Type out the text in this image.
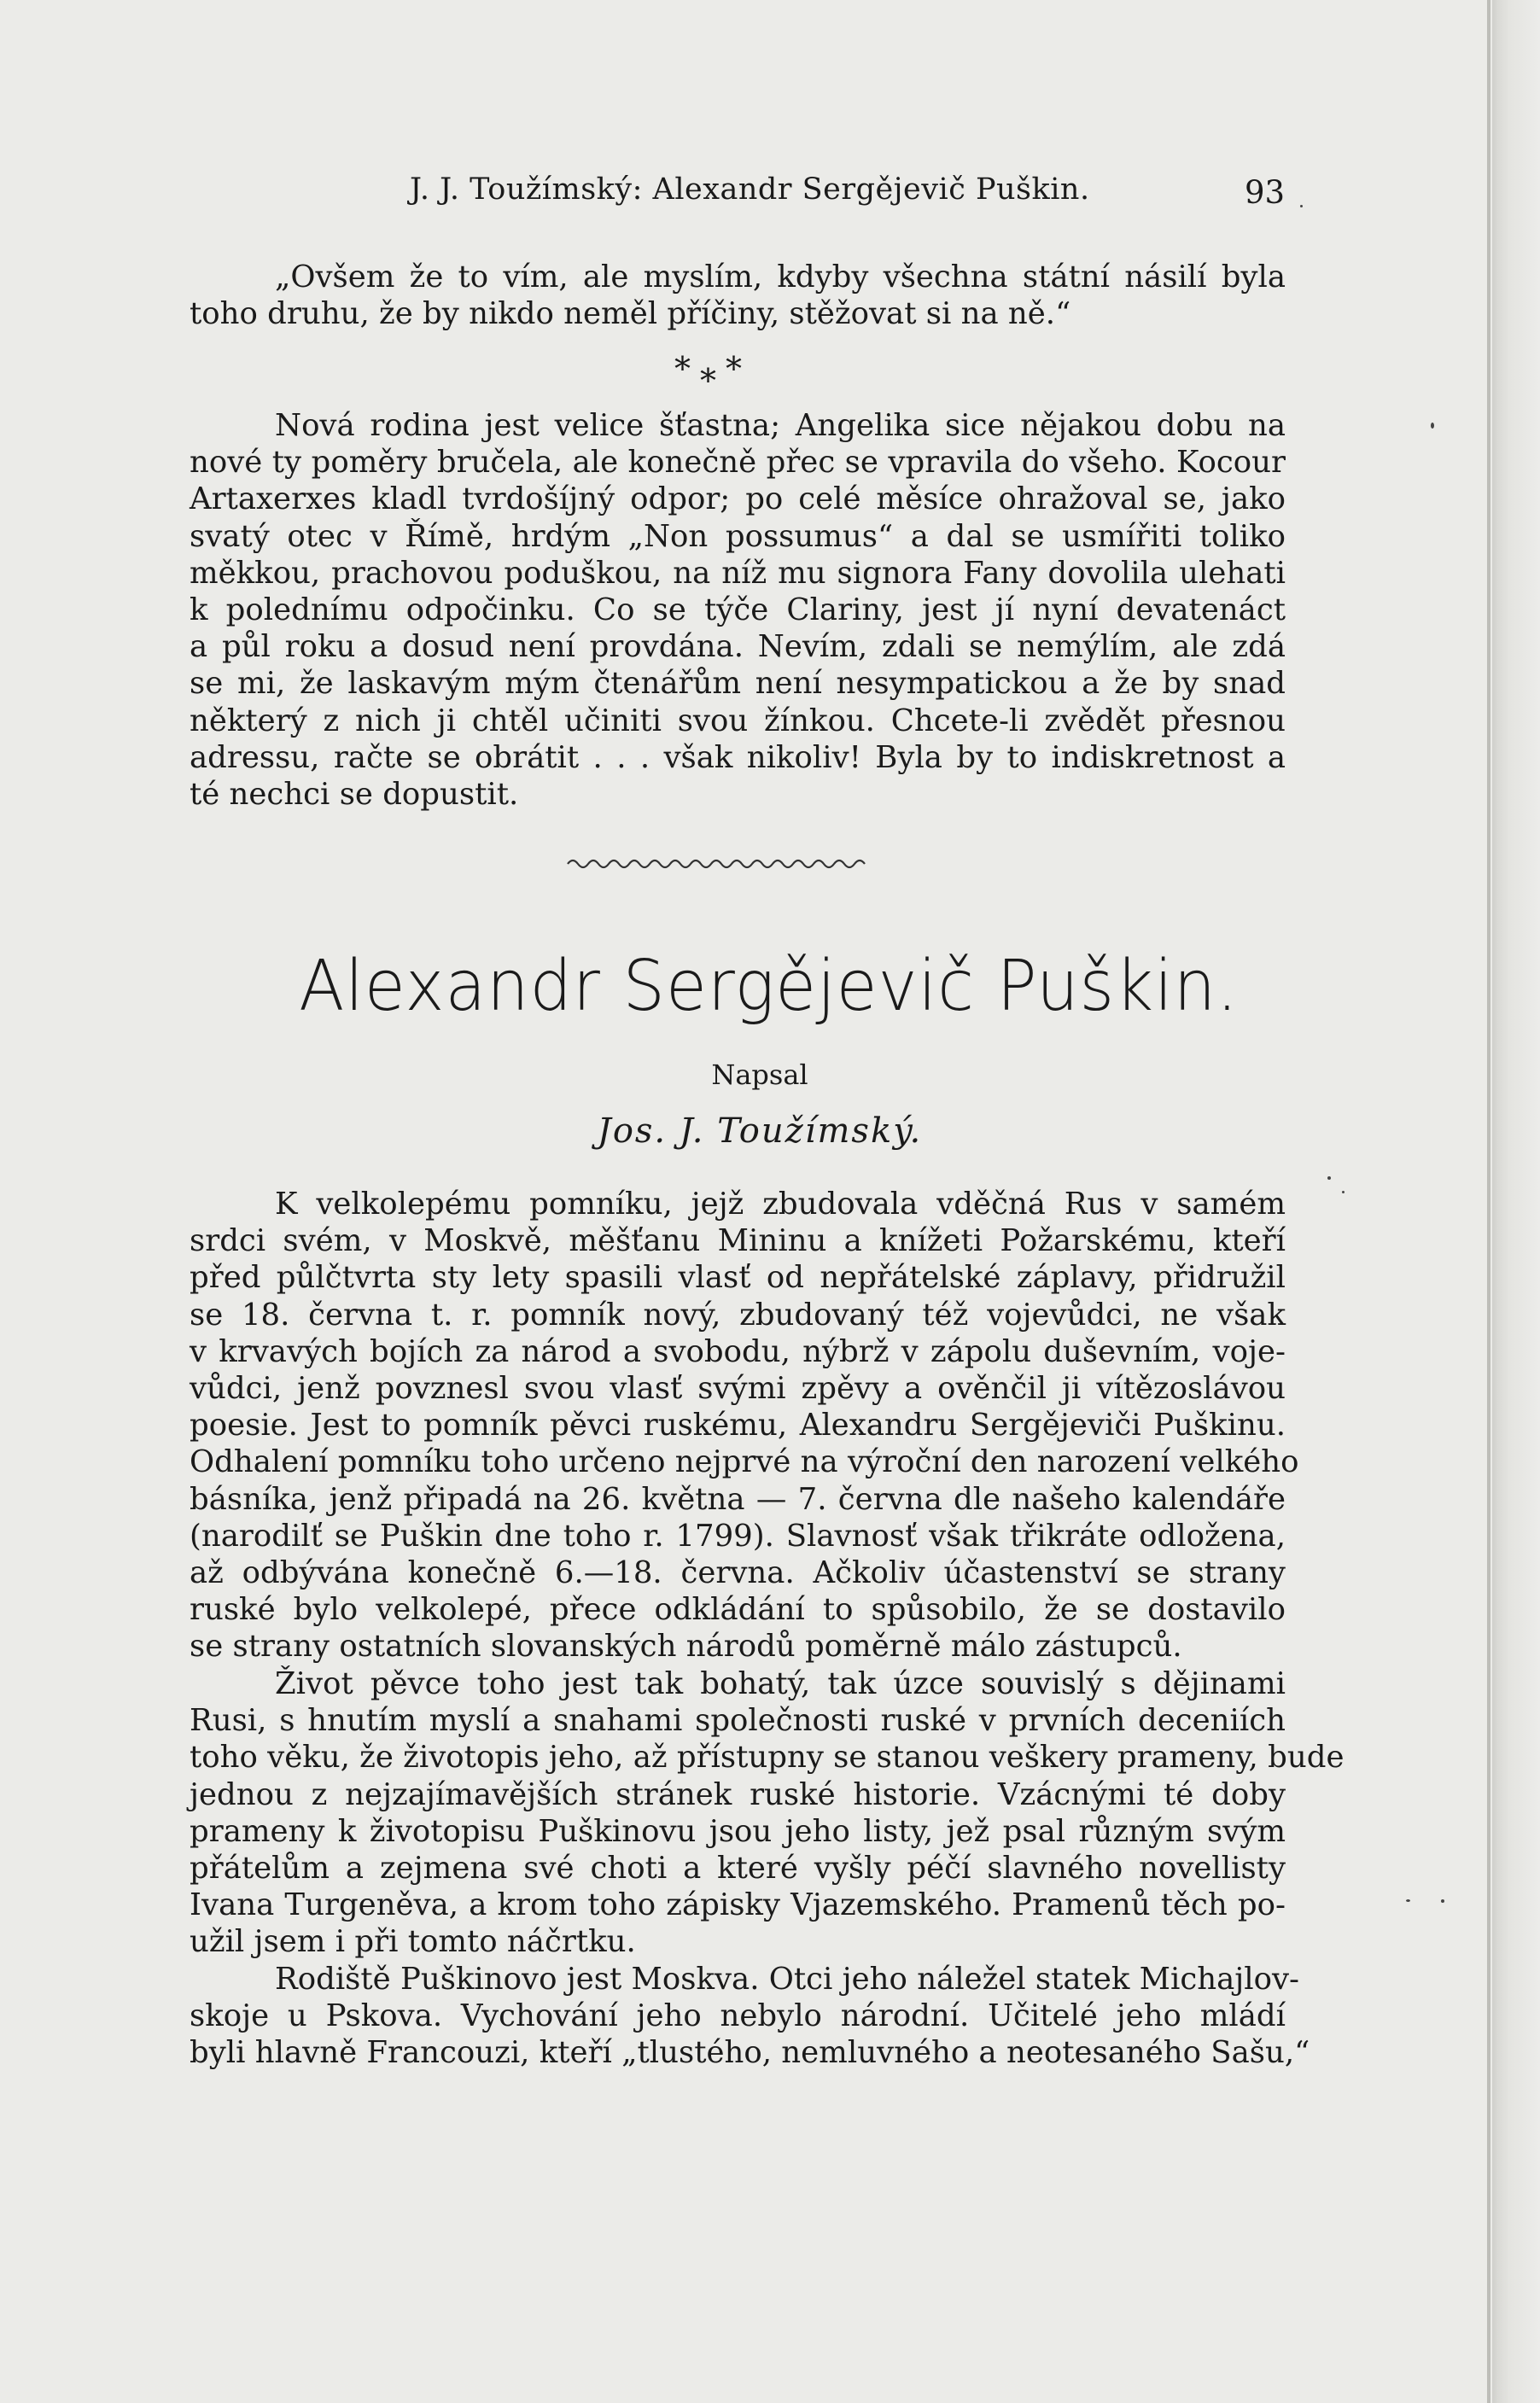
J. J. Toužímský: Alexandr Sergějevič Puškin.	93
„Ovšem že to vím, ale myslím, kdyby všechna státní násilí byla
toho druhu, že by nikdo neměl příčiny, stěžovat si na ně.“
* * *
Nová rodina jest velice šťastna; Angelika sice nějakou dobu na
nové ty poměry bručela, ale konečně přec se vpravila do všeho. Kocour
Artaxerxes kladl tvrdošíjný odpor; po celé měsíce ohražoval se, jako
svatý otec v Římě, hrdým „Non possumus“ a dal se usmířiti toliko
měkkou, prachovou poduškou, na níž mu signora Fany dovolila ulehati
k polednímu odpočinku. Co se týče Clariny, jest jí nyní devatenáct
a půl roku a dosud není provdána. Nevím, zdali se nemýlím, ale zdá
se mi, že laskavým mým čtenářům není nesympatickou a že by snad
některý z nich ji chtěl učiniti svou žínkou. Chcete-li zvědět přesnou
adressu, račte se obrátit . . . však nikoliv! Byla by to indiskretnost a
té nechci se dopustit.
Alexandr Sergějevič Puškin.
Napsal
Jos. J. Toužímský.
K velkolepému pomníku, jejž zbudovala vděčná Rus v samém
srdci svém, v Moskvě, měšťanu Mininu a knížeti Požarskému, kteří
před půlčtvrta sty lety spasili vlasť od nepřátelské záplavy, přidružil
se 18. června t. r. pomník nový, zbudovaný též vojevůdci, ne však
v krvavých bojích za národ a svobodu, nýbrž v zápolu duševním, voje-
vůdci, jenž povznesl svou vlasť svými zpěvy a ověnčil ji vítězoslávou
poesie. Jest to pomník pěvci ruskému, Alexandru Sergějeviči Puškinu.
Odhalení pomníku toho určeno nejprvé na výroční den narození velkého
básníka, jenž připadá na 26. května — 7. června dle našeho kalendáře
(narodilť se Puškin dne toho r. 1799). Slavnosť však třikráte odložena,
až odbývána konečně 6.—18. června. Ačkoliv účastenství se strany
ruské bylo velkolepé, přece odkládání to spůsobilo, že se dostavilo
se strany ostatních slovanských národů poměrně málo zástupců.
Život pěvce toho jest tak bohatý, tak úzce souvislý s dějinami
Rusi, s hnutím myslí a snahami společnosti ruské v prvních deceniích
toho věku, že životopis jeho, až přístupny se stanou veškery prameny, bude
jednou z nejzajímavějších stránek ruské historie. Vzácnými té doby
prameny k životopisu Puškinovu jsou jeho listy, jež psal různým svým
přátelům a zejmena své choti a které vyšly péčí slavného novellisty
Ivana Turgeněva, a krom toho zápisky Vjazemského. Pramenů těch po-
užil jsem i při tomto náčrtku.
Rodiště Puškinovo jest Moskva. Otci jeho náležel statek Michajlov-
skoje u Pskova. Vychování jeho nebylo národní. Učitelé jeho mládí
byli hlavně Francouzi, kteří „tlustého, nemluvného a neotesaného Sašu,“
